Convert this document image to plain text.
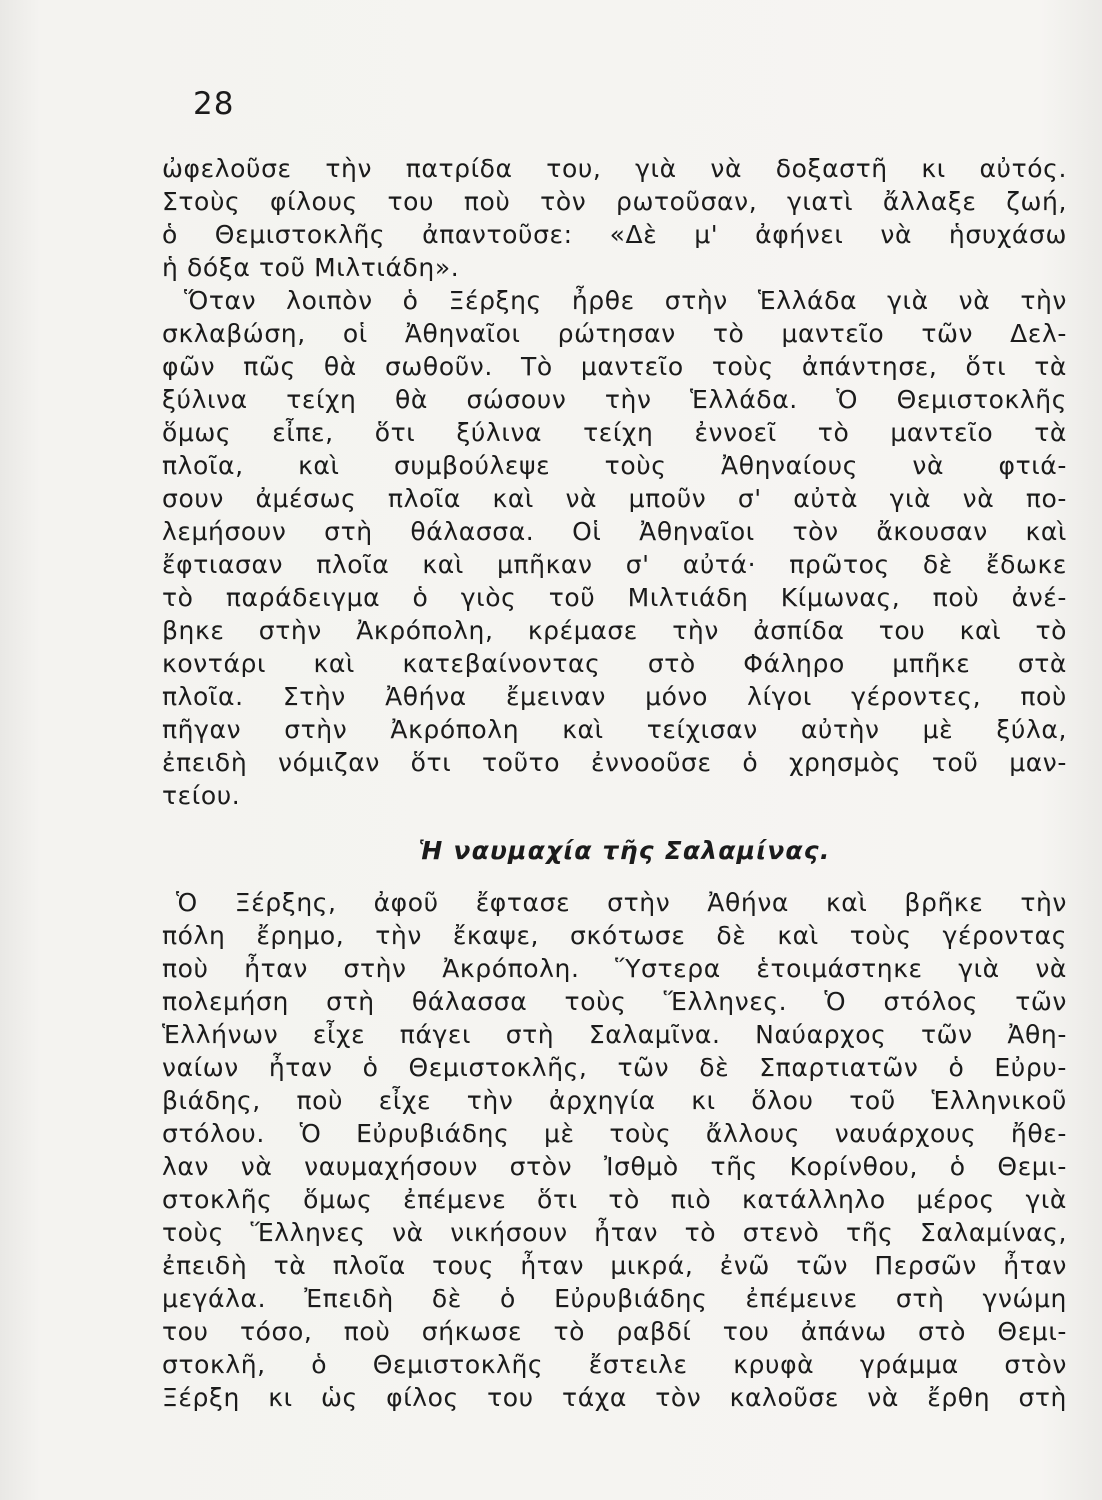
28
ὠφελοῦσε τὴν πατρίδα του, γιὰ νὰ δοξαστῆ κι αὐτός.
Στοὺς φίλους του ποὺ τὸν ρωτοῦσαν, γιατὶ ἄλλαξε ζωή,
ὁ Θεμιστοκλῆς ἀπαντοῦσε: «Δὲ μ' ἀφήνει νὰ ἡσυχάσω
ἡ δόξα τοῦ Μιλτιάδη».
Ὅταν λοιπὸν ὁ Ξέρξης ἦρθε στὴν Ἑλλάδα γιὰ νὰ τὴν
σκλαβώση, οἱ Ἀθηναῖοι ρώτησαν τὸ μαντεῖο τῶν Δελ-
φῶν πῶς θὰ σωθοῦν. Τὸ μαντεῖο τοὺς ἀπάντησε, ὅτι τὰ
ξύλινα τείχη θὰ σώσουν τὴν Ἑλλάδα. Ὁ Θεμιστοκλῆς
ὅμως εἶπε, ὅτι ξύλινα τείχη ἐννοεῖ τὸ μαντεῖο τὰ
πλοῖα, καὶ συμβούλεψε τοὺς Ἀθηναίους νὰ φτιά-
σουν ἀμέσως πλοῖα καὶ νὰ μποῦν σ' αὐτὰ γιὰ νὰ πο-
λεμήσουν στὴ θάλασσα. Οἱ Ἀθηναῖοι τὸν ἄκουσαν καὶ
ἔφτιασαν πλοῖα καὶ μπῆκαν σ' αὐτά· πρῶτος δὲ ἔδωκε
τὸ παράδειγμα ὁ γιὸς τοῦ Μιλτιάδη Κίμωνας, ποὺ ἀνέ-
βηκε στὴν Ἀκρόπολη, κρέμασε τὴν ἀσπίδα του καὶ τὸ
κοντάρι καὶ κατεβαίνοντας στὸ Φάληρο μπῆκε στὰ
πλοῖα. Στὴν Ἀθήνα ἔμειναν μόνο λίγοι γέροντες, ποὺ
πῆγαν στὴν Ἀκρόπολη καὶ τείχισαν αὐτὴν μὲ ξύλα,
ἐπειδὴ νόμιζαν ὅτι τοῦτο ἐννοοῦσε ὁ χρησμὸς τοῦ μαν-
τείου.
Ἡ ναυμαχία τῆς Σαλαμίνας.
Ὁ Ξέρξης, ἀφοῦ ἔφτασε στὴν Ἀθήνα καὶ βρῆκε τὴν
πόλη ἔρημο, τὴν ἔκαψε, σκότωσε δὲ καὶ τοὺς γέροντας
ποὺ ἦταν στὴν Ἀκρόπολη. Ὕστερα ἑτοιμάστηκε γιὰ νὰ
πολεμήση στὴ θάλασσα τοὺς Ἕλληνες. Ὁ στόλος τῶν
Ἑλλήνων εἶχε πάγει στὴ Σαλαμῖνα. Ναύαρχος τῶν Ἀθη-
ναίων ἦταν ὁ Θεμιστοκλῆς, τῶν δὲ Σπαρτιατῶν ὁ Εὐρυ-
βιάδης, ποὺ εἶχε τὴν ἀρχηγία κι ὅλου τοῦ Ἑλληνικοῦ
στόλου. Ὁ Εὐρυβιάδης μὲ τοὺς ἄλλους ναυάρχους ἤθε-
λαν νὰ ναυμαχήσουν στὸν Ἰσθμὸ τῆς Κορίνθου, ὁ Θεμι-
στοκλῆς ὅμως ἐπέμενε ὅτι τὸ πιὸ κατάλληλο μέρος γιὰ
τοὺς Ἕλληνες νὰ νικήσουν ἦταν τὸ στενὸ τῆς Σαλαμίνας,
ἐπειδὴ τὰ πλοῖα τους ἦταν μικρά, ἐνῶ τῶν Περσῶν ἦταν
μεγάλα. Ἐπειδὴ δὲ ὁ Εὐρυβιάδης ἐπέμεινε στὴ γνώμη
του τόσο, ποὺ σήκωσε τὸ ραβδί του ἀπάνω στὸ Θεμι-
στοκλῆ, ὁ Θεμιστοκλῆς ἔστειλε κρυφὰ γράμμα στὸν
Ξέρξη κι ὡς φίλος του τάχα τὸν καλοῦσε νὰ ἔρθη στὴ
